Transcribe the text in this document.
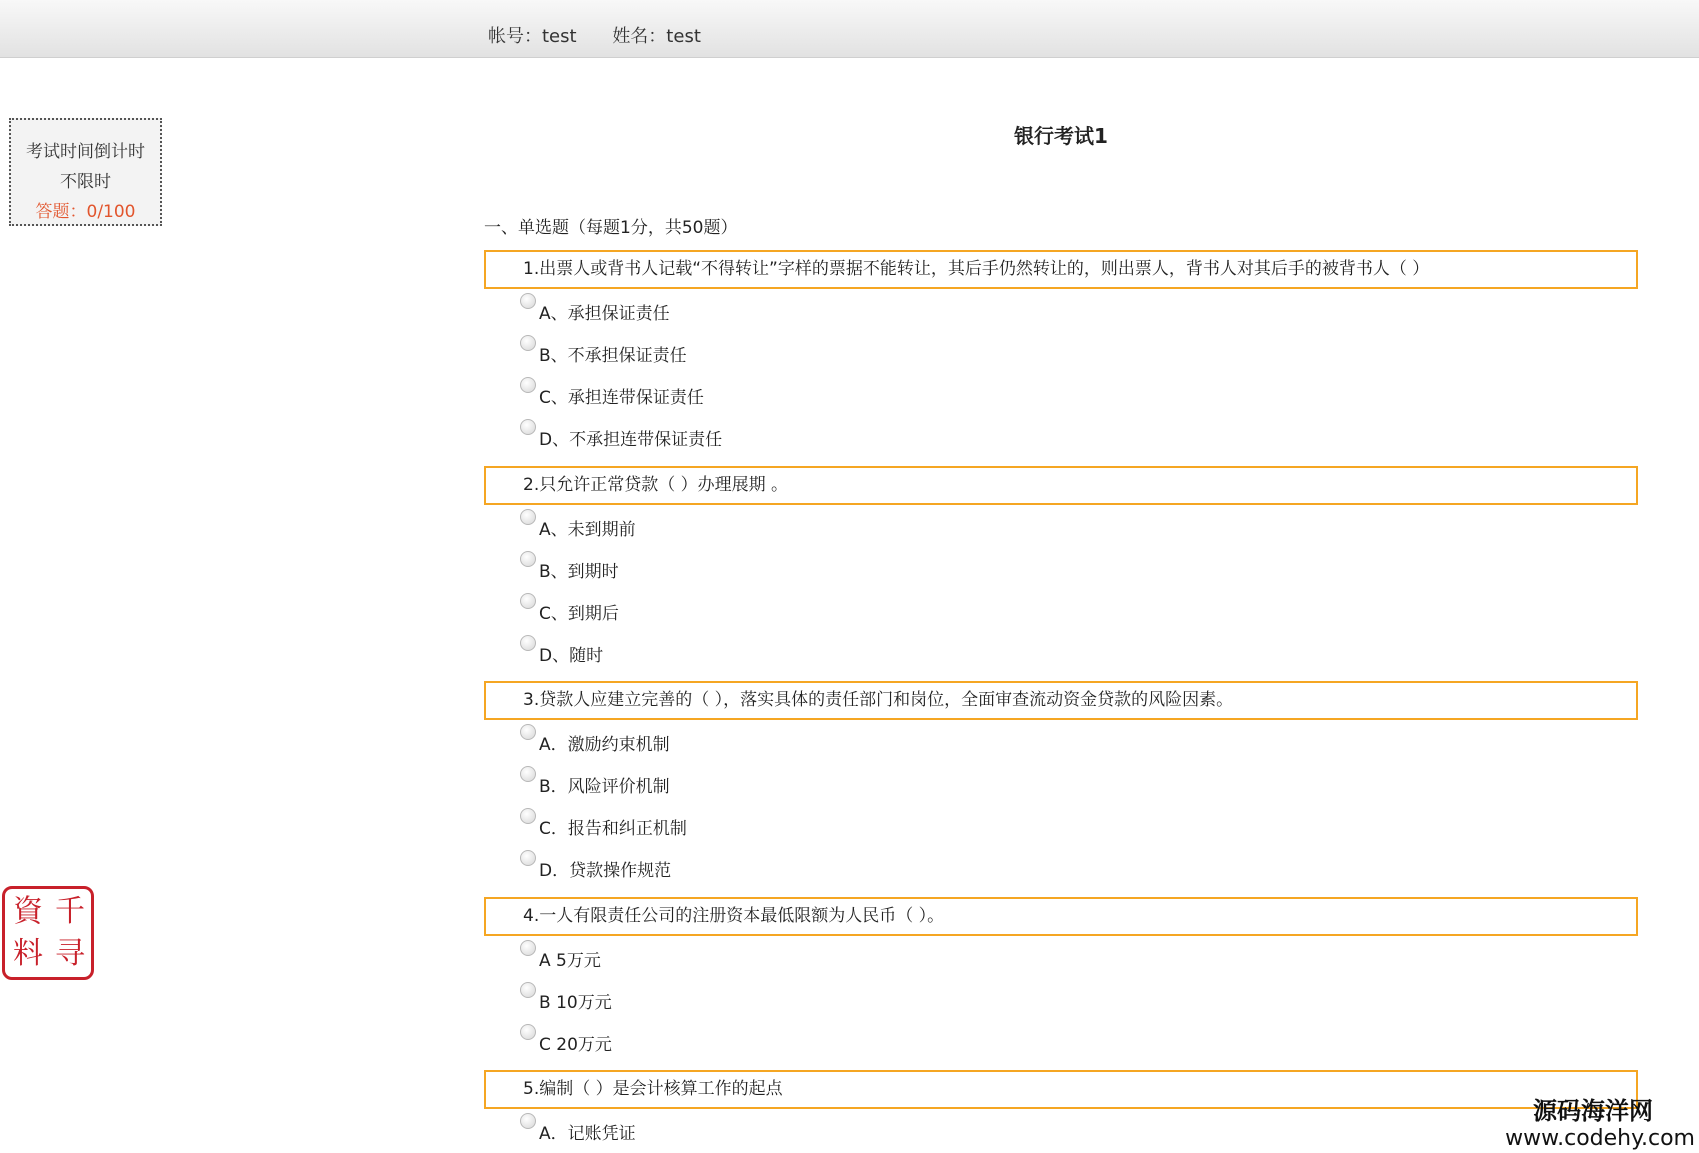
帐号：test 姓名：test
考试时间倒计时
不限时
答题：0/100
银行考试1
一、单选题（每题1分，共50题）
1.出票人或背书人记载“不得转让”字样的票据不能转让，其后手仍然转让的，则出票人，背书人对其后手的被背书人（ ）
A、承担保证责任
B、不承担保证责任
C、承担连带保证责任
D、不承担连带保证责任
2.只允许正常贷款（ ）办理展期 。
A、未到期前
B、到期时
C、到期后
D、随时
3.贷款人应建立完善的（ ），落实具体的责任部门和岗位，全面审查流动资金贷款的风险因素。
A．激励约束机制
B．风险评价机制
C．报告和纠正机制
D．贷款操作规范
4.一人有限责任公司的注册资本最低限额为人民币（ ）。
A 5万元
B 10万元
C 20万元
5.编制（ ）是会计核算工作的起点
A．记账凭证
千
寻
資
料
源码海洋网
www.codehy.com
